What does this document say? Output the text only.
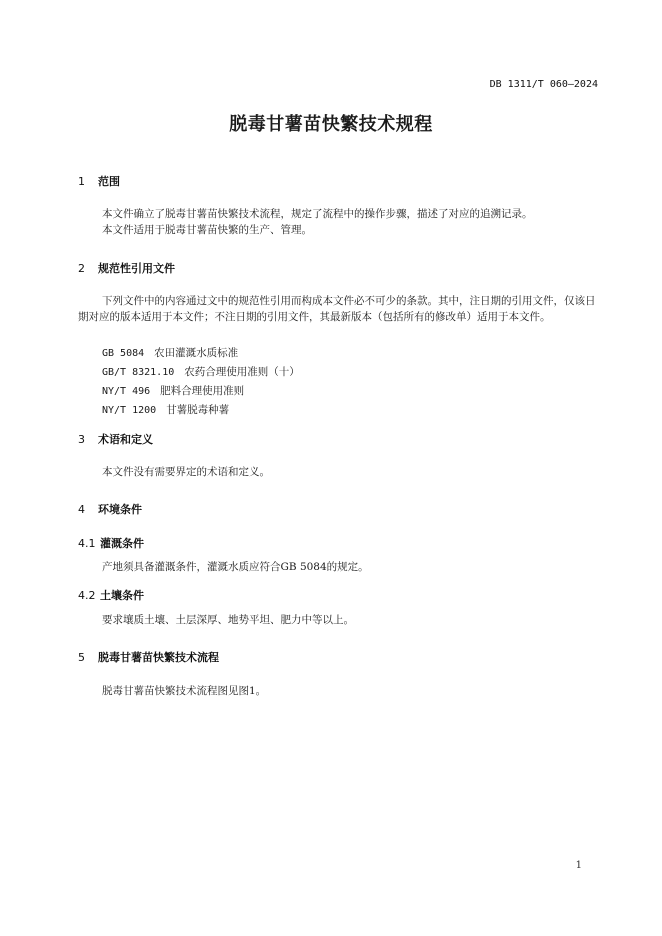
DB 1311/T 060—2024
脱毒甘薯苗快繁技术规程
1 范围

本文件确立了脱毒甘薯苗快繁技术流程，规定了流程中的操作步骤，描述了对应的追溯记录。

本文件适用于脱毒甘薯苗快繁的生产、管理。

2 规范性引用文件

下列文件中的内容通过文中的规范性引用而构成本文件必不可少的条款。其中，注日期的引用文件，仅该日期对应的版本适用于本文件；不注日期的引用文件，其最新版本（包括所有的修改单）适用于本文件。

GB 5084 农田灌溉水质标准
GB/T 8321.10 农药合理使用准则（十）
NY/T 496 肥料合理使用准则
NY/T 1200 甘薯脱毒种薯
3 术语和定义

本文件没有需要界定的术语和定义。

4 环境条件
4.1 灌溉条件

产地须具备灌溉条件，灌溉水质应符合GB 5084的规定。

4.2 土壤条件

要求壤质土壤、土层深厚、地势平坦、肥力中等以上。

5 脱毒甘薯苗快繁技术流程

脱毒甘薯苗快繁技术流程图见图1。

1
